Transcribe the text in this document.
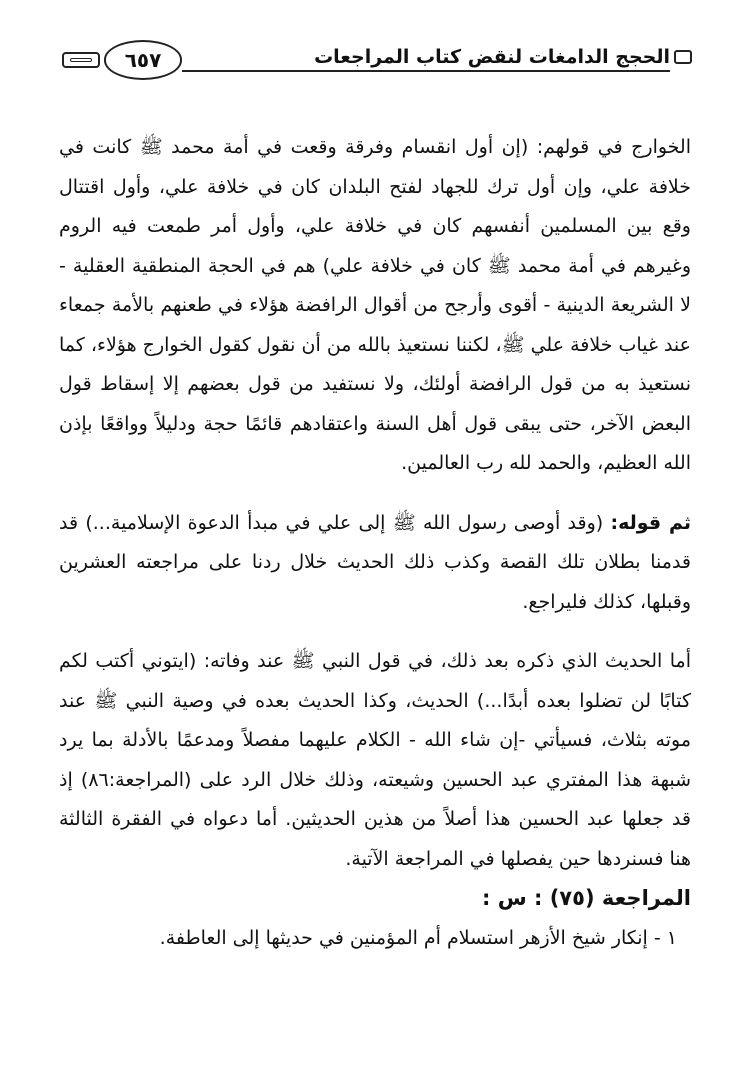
الحجج الدامغات لنقض كتاب المراجعات
٦٥٧

الخوارج في قولهم: (إن أول انقسام وفرقة وقعت في أمة محمد ﷺ كانت في خلافة علي، وإن أول ترك للجهاد لفتح البلدان كان في خلافة علي، وأول اقتتال وقع بين المسلمين أنفسهم كان في خلافة علي، وأول أمر طمعت فيه الروم وغيرهم في أمة محمد ﷺ كان في خلافة علي) هم في الحجة المنطقية العقلية - لا الشريعة الدينية - أقوى وأرجح من أقوال الرافضة هؤلاء في طعنهم بالأمة جمعاء عند غياب خلافة علي ﷺ، لكننا نستعيذ بالله من أن نقول كقول الخوارج هؤلاء، كما نستعيذ به من قول الرافضة أولئك، ولا نستفيد من قول بعضهم إلا إسقاط قول البعض الآخر، حتى يبقى قول أهل السنة واعتقادهم قائمًا حجة ودليلاً وواقعًا بإذن الله العظيم، والحمد لله رب العالمين.

ثم قوله: (وقد أوصى رسول الله ﷺ إلى علي في مبدأ الدعوة الإسلامية...) قد قدمنا بطلان تلك القصة وكذب ذلك الحديث خلال ردنا على مراجعته العشرين وقبلها، كذلك فليراجع.

أما الحديث الذي ذكره بعد ذلك، في قول النبي ﷺ عند وفاته: (ايتوني أكتب لكم كتابًا لن تضلوا بعده أبدًا...) الحديث، وكذا الحديث بعده في وصية النبي ﷺ عند موته بثلاث، فسيأتي -إن شاء الله - الكلام عليهما مفصلاً ومدعمًا بالأدلة بما يرد شبهة هذا المفتري عبد الحسين وشيعته، وذلك خلال الرد على (المراجعة:٨٦) إذ قد جعلها عبد الحسين هذا أصلاً من هذين الحديثين. أما دعواه في الفقرة الثالثة هنا فسنردها حين يفصلها في المراجعة الآتية.

المراجعة (٧٥) : س :

١ - إنكار شيخ الأزهر استسلام أم المؤمنين في حديثها إلى العاطفة.
